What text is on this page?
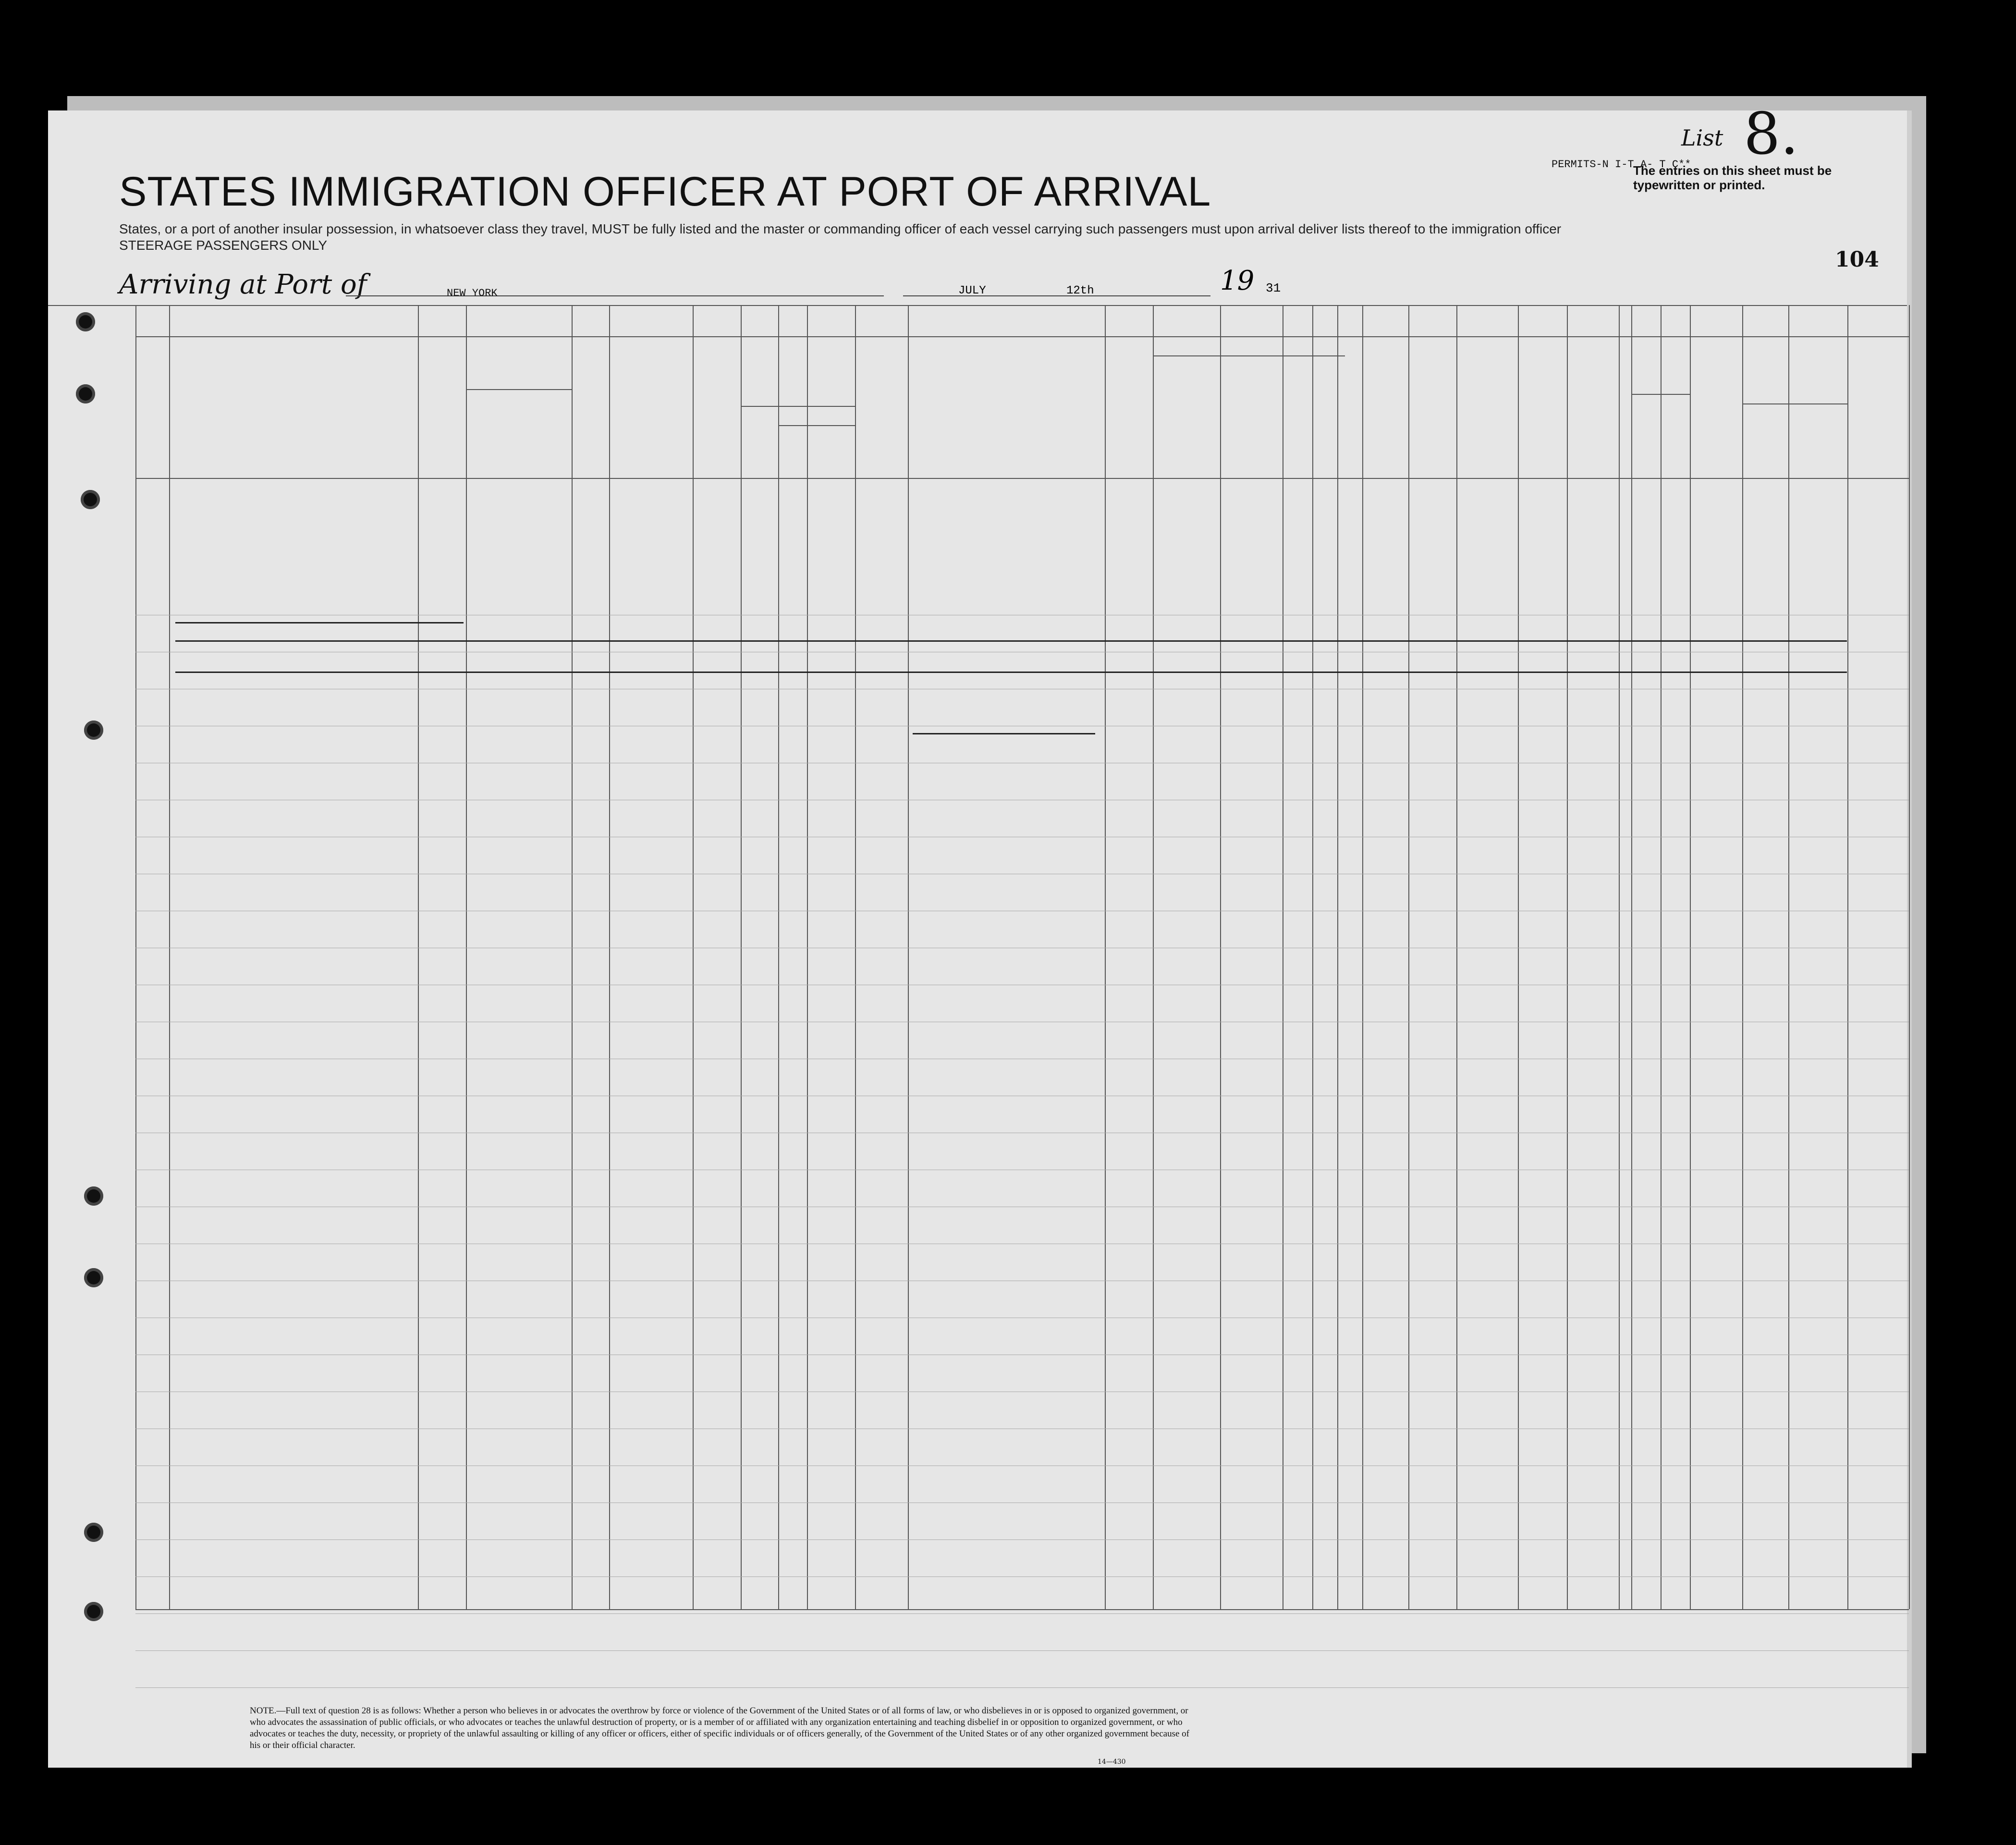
List 8.
PERMITS-N I-T A- T C**
The entries on this sheet must be typewritten or printed.
STATES IMMIGRATION OFFICER AT PORT OF ARRIVAL
States, or a port of another insular possession, in whatsoever class they travel, MUST be fully listed and the master or commanding officer of each vessel carrying such passengers must upon arrival deliver lists thereof to the immigration officer
STEERAGE PASSENGERS ONLY
104
Arriving at Port of	NEW YORK	JULY	12th	19 31
NOTE.—Full text of question 28 is as follows: Whether a person who believes in or advocates the overthrow by force or violence of the Government of the United States or of all forms of law, or who disbelieves in or is opposed to organized government, or who advocates the assassination of public officials, or who advocates or teaches the unlawful destruction of property, or is a member of or affiliated with any organization entertaining and teaching disbelief in or opposition to organized government, or who advocates or teaches the duty, necessity, or propriety of the unlawful assaulting or killing of any officer or officers, either of specific individuals or of officers generally, of the Government of the United States or of any other organized government because of his or their official character.
14—430
